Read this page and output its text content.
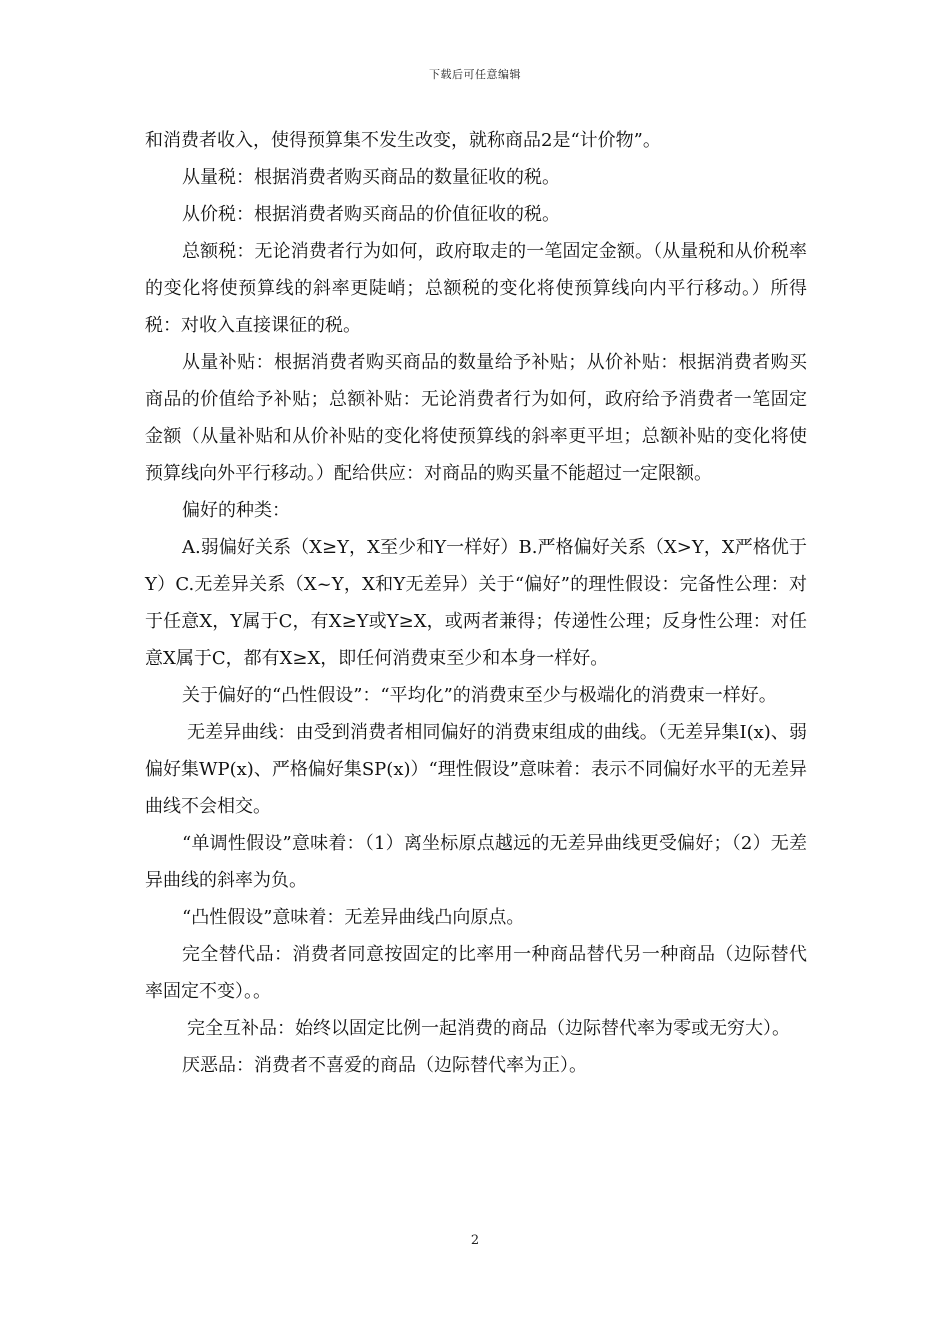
下载后可任意编辑

和消费者收入，使得预算集不发生改变，就称商品2是“计价物”。

从量税：根据消费者购买商品的数量征收的税。

从价税：根据消费者购买商品的价值征收的税。

总额税：无论消费者行为如何，政府取走的一笔固定金额。（从量税和从价税率的变化将使预算线的斜率更陡峭；总额税的变化将使预算线向内平行移动。）所得税：对收入直接课征的税。

从量补贴：根据消费者购买商品的数量给予补贴；从价补贴：根据消费者购买商品的价值给予补贴；总额补贴：无论消费者行为如何，政府给予消费者一笔固定金额（从量补贴和从价补贴的变化将使预算线的斜率更平坦；总额补贴的变化将使预算线向外平行移动。）配给供应：对商品的购买量不能超过一定限额。

偏好的种类：

A.弱偏好关系（X≥Y，X至少和Y一样好）B.严格偏好关系（X>Y，X严格优于Y）C.无差异关系（X~Y，X和Y无差异）关于“偏好”的理性假设：完备性公理：对于任意X，Y属于C，有X≥Y或Y≥X，或两者兼得；传递性公理；反身性公理：对任意X属于C，都有X≥X，即任何消费束至少和本身一样好。

关于偏好的“凸性假设”：“平均化”的消费束至少与极端化的消费束一样好。

无差异曲线：由受到消费者相同偏好的消费束组成的曲线。（无差异集I(x)、弱偏好集WP(x)、严格偏好集SP(x)）“理性假设”意味着：表示不同偏好水平的无差异曲线不会相交。

“单调性假设”意味着：（1）离坐标原点越远的无差异曲线更受偏好；（2）无差异曲线的斜率为负。

“凸性假设”意味着：无差异曲线凸向原点。

完全替代品：消费者同意按固定的比率用一种商品替代另一种商品（边际替代率固定不变）。。

完全互补品：始终以固定比例一起消费的商品（边际替代率为零或无穷大）。

厌恶品：消费者不喜爱的商品（边际替代率为正）。

2
